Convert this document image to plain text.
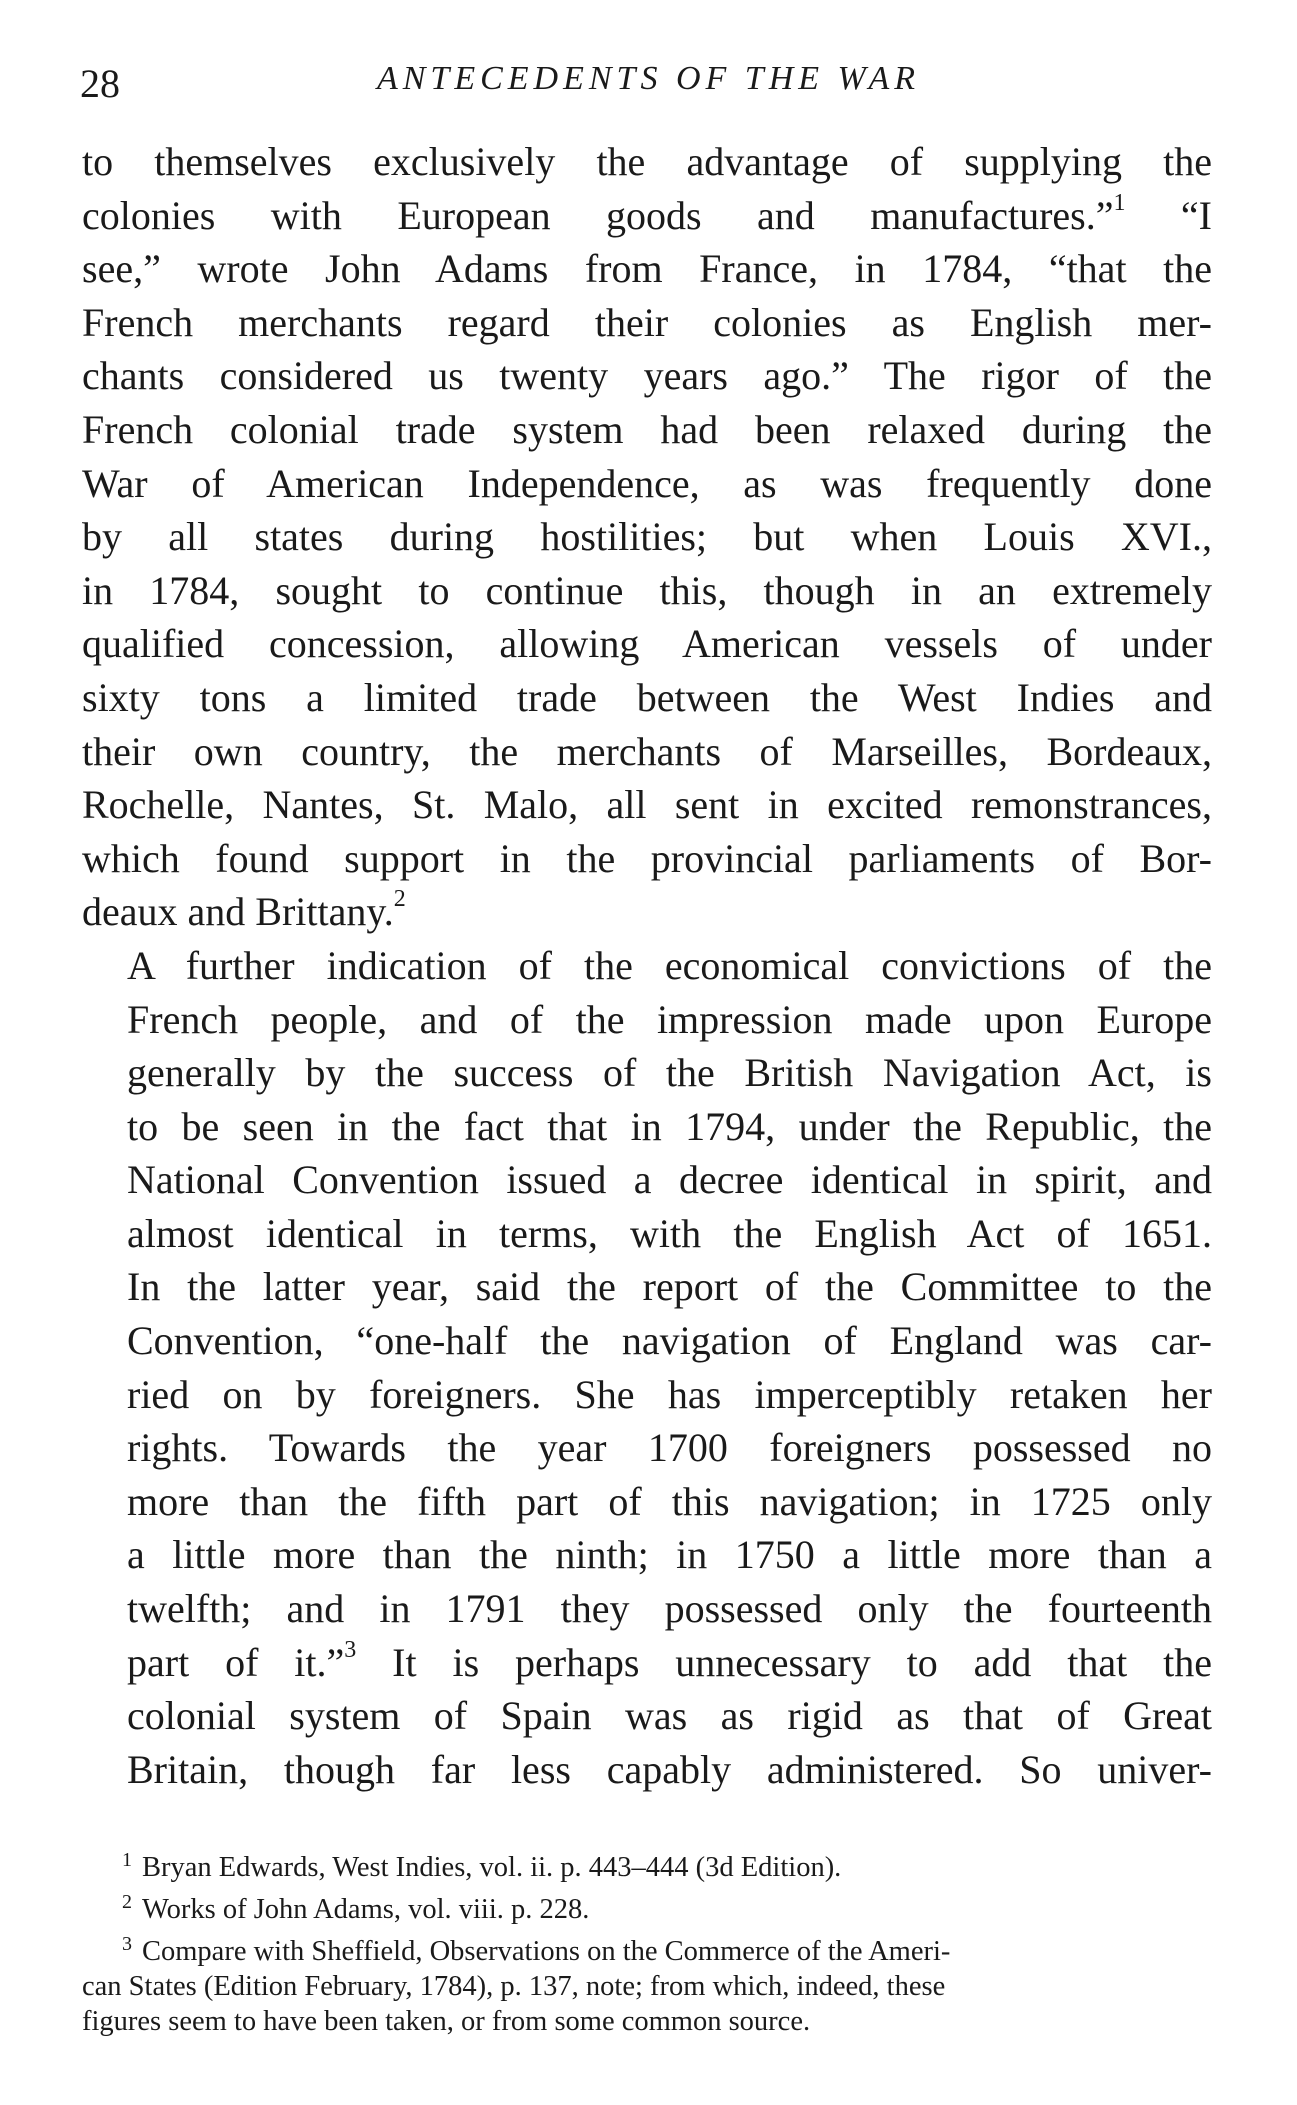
28	ANTECEDENTS OF THE WAR

to themselves exclusively the advantage of supplying the
colonies with European goods and manufactures.”$^1$ “I
see,” wrote John Adams from France, in 1784, “that the
French merchants regard their colonies as English mer-
chants considered us twenty years ago.” The rigor of the
French colonial trade system had been relaxed during the
War of American Independence, as was frequently done
by all states during hostilities; but when Louis XVI.,
in 1784, sought to continue this, though in an extremely
qualified concession, allowing American vessels of under
sixty tons a limited trade between the West Indies and
their own country, the merchants of Marseilles, Bordeaux,
Rochelle, Nantes, St. Malo, all sent in excited remonstrances,
which found support in the provincial parliaments of Bor-
deaux and Brittany.$^2$

A further indication of the economical convictions of the
French people, and of the impression made upon Europe
generally by the success of the British Navigation Act, is
to be seen in the fact that in 1794, under the Republic, the
National Convention issued a decree identical in spirit, and
almost identical in terms, with the English Act of 1651.
In the latter year, said the report of the Committee to the
Convention, “one-half the navigation of England was car-
ried on by foreigners. She has imperceptibly retaken her
rights. Towards the year 1700 foreigners possessed no
more than the fifth part of this navigation; in 1725 only
a little more than the ninth; in 1750 a little more than a
twelfth; and in 1791 they possessed only the fourteenth
part of it.”$^3$ It is perhaps unnecessary to add that the
colonial system of Spain was as rigid as that of Great
Britain, though far less capably administered. So univer-

$^1$ Bryan Edwards, West Indies, vol. ii. p. 443–444 (3d Edition).
$^2$ Works of John Adams, vol. viii. p. 228.
$^3$ Compare with Sheffield, Observations on the Commerce of the Ameri-
can States (Edition February, 1784), p. 137, note; from which, indeed, these
figures seem to have been taken, or from some common source.
